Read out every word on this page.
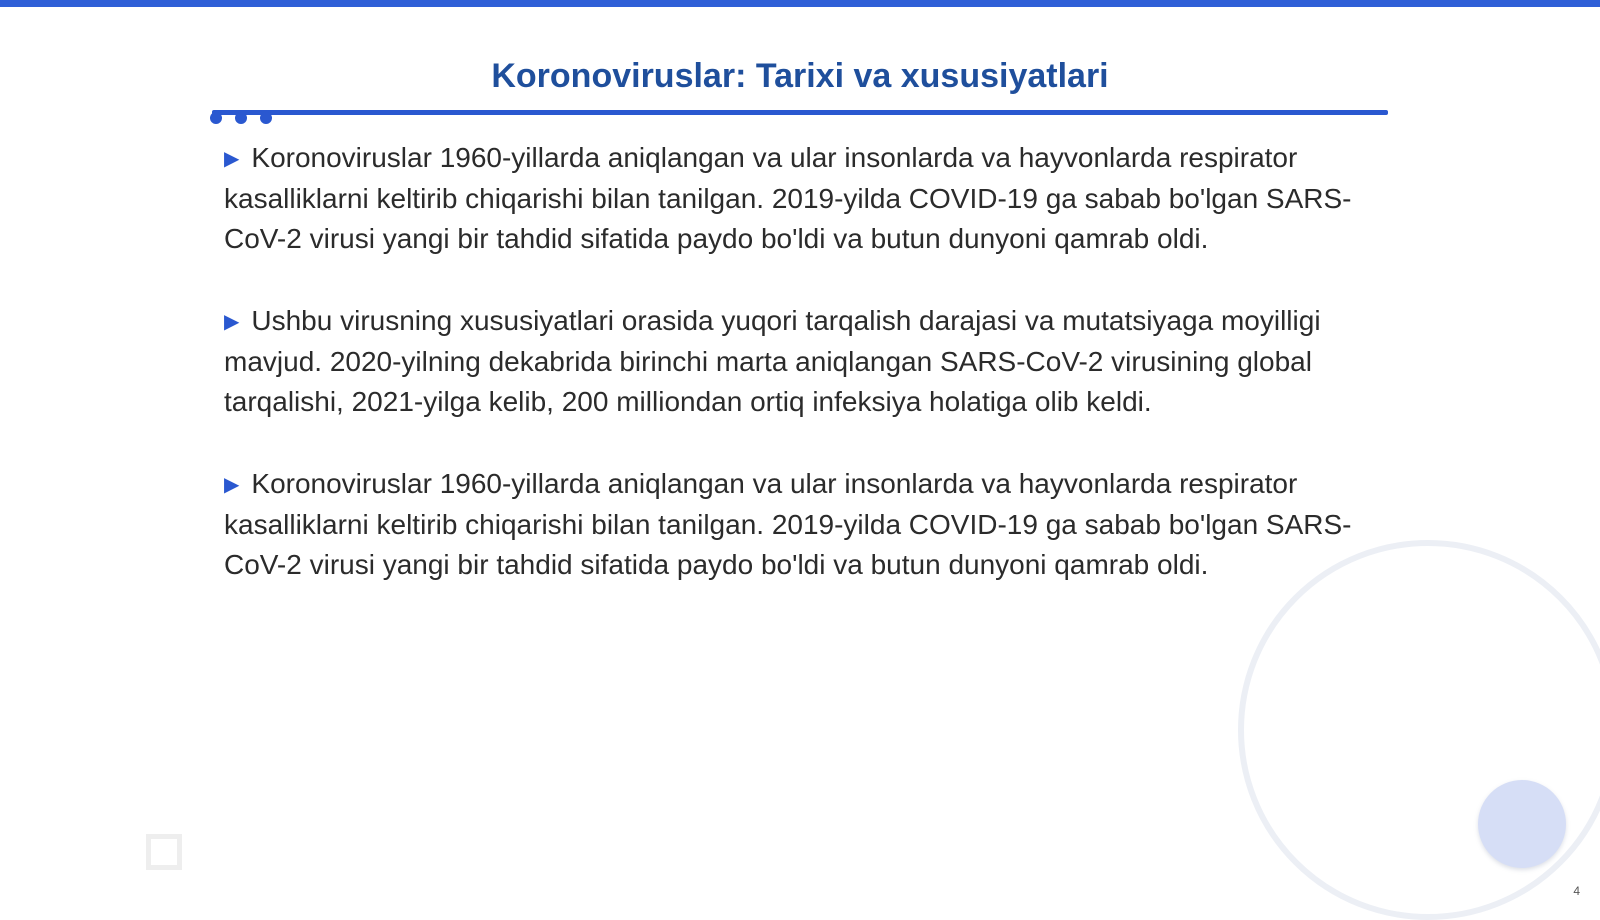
Koronoviruslar: Tarixi va xususiyatlari

▶ Koronoviruslar 1960-yillarda aniqlangan va ular insonlarda va hayvonlarda respirator kasalliklarni keltirib chiqarishi bilan tanilgan. 2019-yilda COVID-19 ga sabab bo'lgan SARS-CoV-2 virusi yangi bir tahdid sifatida paydo bo'ldi va butun dunyoni qamrab oldi.

▶ Ushbu virusning xususiyatlari orasida yuqori tarqalish darajasi va mutatsiyaga moyilligi mavjud. 2020-yilning dekabrida birinchi marta aniqlangan SARS-CoV-2 virusining global tarqalishi, 2021-yilga kelib, 200 milliondan ortiq infeksiya holatiga olib keldi.

▶ Koronoviruslar 1960-yillarda aniqlangan va ular insonlarda va hayvonlarda respirator kasalliklarni keltirib chiqarishi bilan tanilgan. 2019-yilda COVID-19 ga sabab bo'lgan SARS-CoV-2 virusi yangi bir tahdid sifatida paydo bo'ldi va butun dunyoni qamrab oldi.

4
